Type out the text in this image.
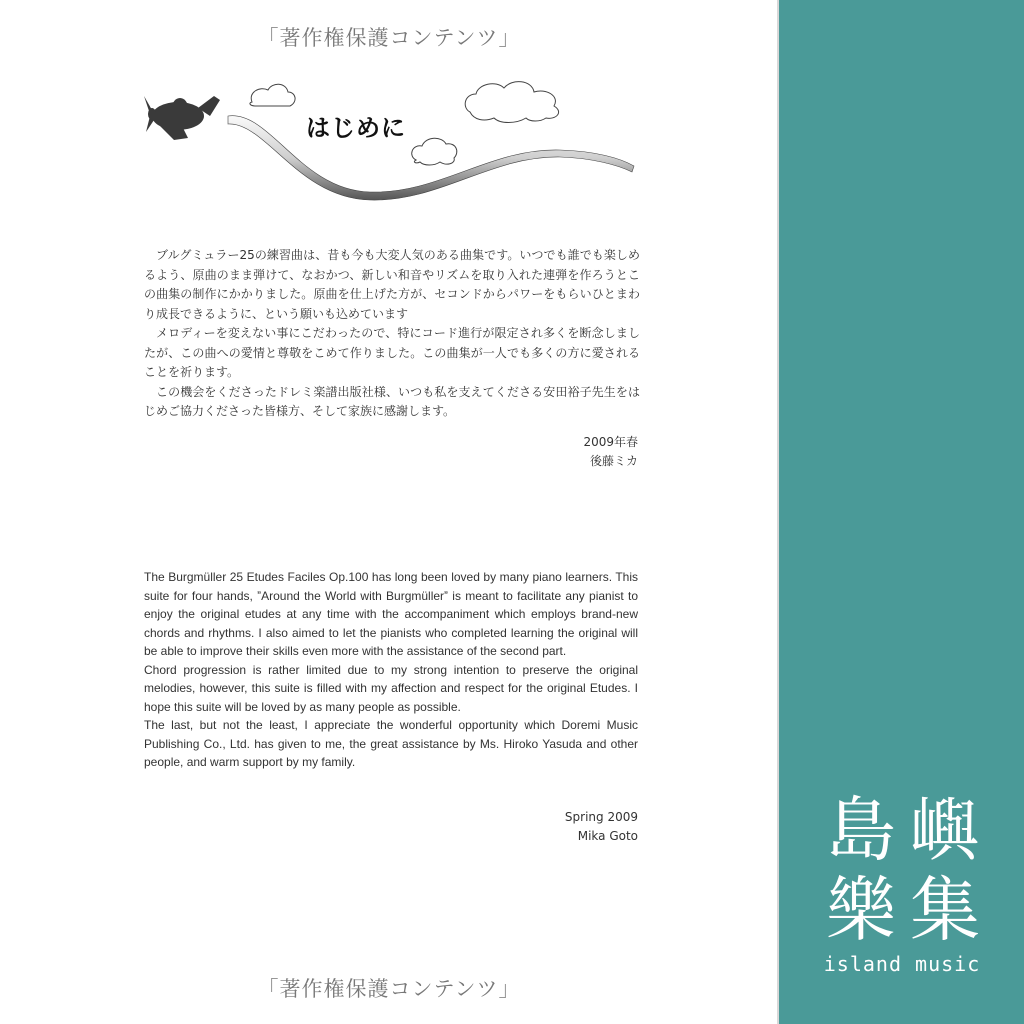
「著作権保護コンテンツ」
はじめに

ブルグミュラー25の練習曲は、昔も今も大変人気のある曲集です。いつでも誰でも楽しめるよう、原曲のまま弾けて、なおかつ、新しい和音やリズムを取り入れた連弾を作ろうとこの曲集の制作にかかりました。原曲を仕上げた方が、セコンドからパワーをもらいひとまわり成長できるように、という願いも込めています

メロディーを変えない事にこだわったので、特にコード進行が限定され多くを断念しましたが、この曲への愛情と尊敬をこめて作りました。この曲集が一人でも多くの方に愛されることを祈ります。

この機会をくださったドレミ楽譜出版社様、いつも私を支えてくださる安田裕子先生をはじめご協力くださった皆様方、そして家族に感謝します。

2009年春
後藤ミカ

The Burgmüller 25 Etudes Faciles Op.100 has long been loved by many piano learners. This suite for four hands, ˮAround the World with Burgmüllerˮ is meant to facilitate any pianist to enjoy the original etudes at any time with the accompaniment which employs brand-new chords and rhythms. I also aimed to let the pianists who completed learning the original will be able to improve their skills even more with the assistance of the second part.

Chord progression is rather limited due to my strong intention to preserve the original melodies, however, this suite is filled with my affection and respect for the original Etudes. I hope this suite will be loved by as many people as possible.

The last, but not the least, I appreciate the wonderful opportunity which Doremi Music Publishing Co., Ltd. has given to me, the great assistance by Ms. Hiroko Yasuda and other people, and warm support by my family.

Spring 2009
Mika Goto
「著作権保護コンテンツ」
島 嶼
樂 集
island music
